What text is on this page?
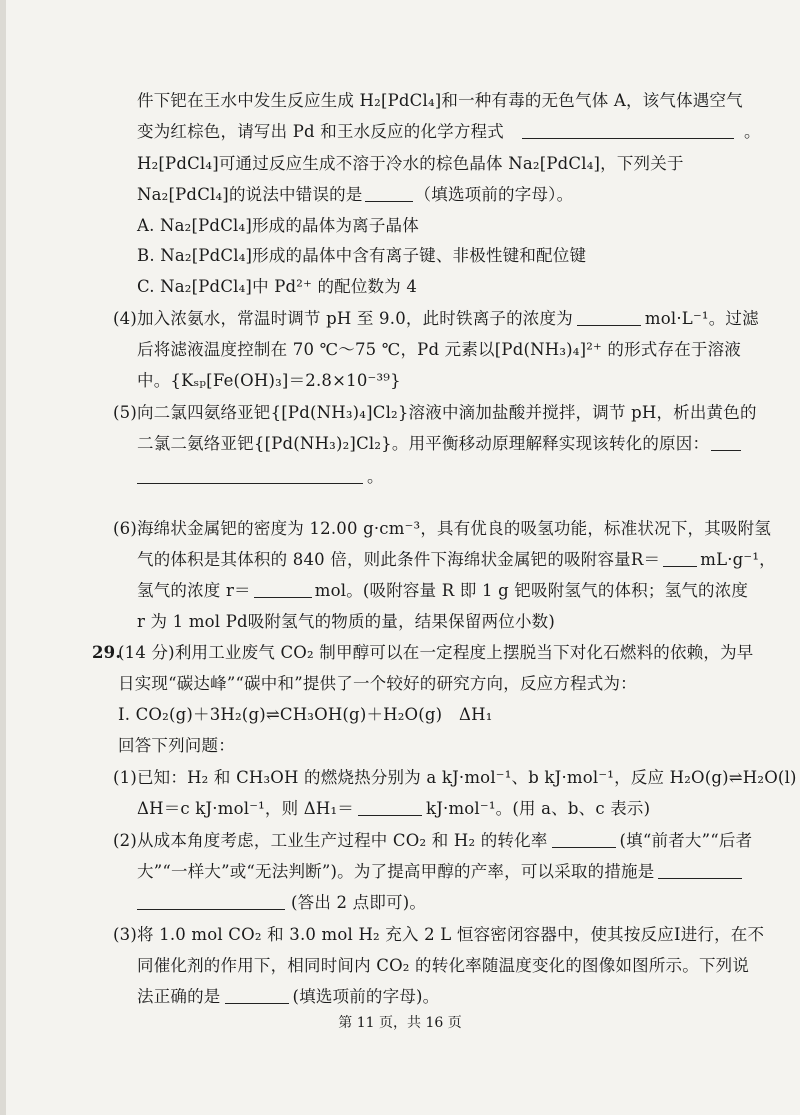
件下钯在王水中发生反应生成 H₂[PdCl₄]和一种有毒的无色气体 A，该气体遇空气
变为红棕色，请写出 Pd 和王水反应的化学方程式	。
H₂[PdCl₄]可通过反应生成不溶于冷水的棕色晶体 Na₂[PdCl₄]，下列关于
Na₂[PdCl₄]的说法中错误的是	（填选项前的字母）。
A. Na₂[PdCl₄]形成的晶体为离子晶体
B. Na₂[PdCl₄]形成的晶体中含有离子键、非极性键和配位键
C. Na₂[PdCl₄]中 Pd²⁺ 的配位数为 4
(4)加入浓氨水，常温时调节 pH 至 9.0，此时铁离子的浓度为	mol·L⁻¹。过滤
后将滤液温度控制在 70 ℃～75 ℃，Pd 元素以[Pd(NH₃)₄]²⁺ 的形式存在于溶液
中。{Kₛₚ[Fe(OH)₃]＝2.8×10⁻³⁹}
(5)向二氯四氨络亚钯{[Pd(NH₃)₄]Cl₂}溶液中滴加盐酸并搅拌，调节 pH，析出黄色的
二氯二氨络亚钯{[Pd(NH₃)₂]Cl₂}。用平衡移动原理解释实现该转化的原因：
。
(6)海绵状金属钯的密度为 12.00 g·cm⁻³，具有优良的吸氢功能，标准状况下，其吸附氢
气的体积是其体积的 840 倍，则此条件下海绵状金属钯的吸附容量R＝ mL·g⁻¹，
氢气的浓度 r＝	mol。(吸附容量 R 即 1 g 钯吸附氢气的体积；氢气的浓度
r 为 1 mol Pd吸附氢气的物质的量，结果保留两位小数)
29.
(14 分)利用工业废气 CO₂ 制甲醇可以在一定程度上摆脱当下对化石燃料的依赖，为早
日实现“碳达峰”“碳中和”提供了一个较好的研究方向，反应方程式为：
Ⅰ. CO₂(g)＋3H₂(g)⇌CH₃OH(g)＋H₂O(g)　ΔH₁
回答下列问题：
(1)已知：H₂ 和 CH₃OH 的燃烧热分别为 a kJ·mol⁻¹、b kJ·mol⁻¹，反应 H₂O(g)⇌H₂O(l)
ΔH＝c kJ·mol⁻¹，则 ΔH₁＝	kJ·mol⁻¹。(用 a、b、c 表示)
(2)从成本角度考虑，工业生产过程中 CO₂ 和 H₂ 的转化率	(填“前者大”“后者
大”“一样大”或“无法判断”)。为了提高甲醇的产率，可以采取的措施是
(答出 2 点即可)。
(3)将 1.0 mol CO₂ 和 3.0 mol H₂ 充入 2 L 恒容密闭容器中，使其按反应Ⅰ进行，在不
同催化剂的作用下，相同时间内 CO₂ 的转化率随温度变化的图像如图所示。下列说
法正确的是	(填选项前的字母)。
第 11 页，共 16 页
